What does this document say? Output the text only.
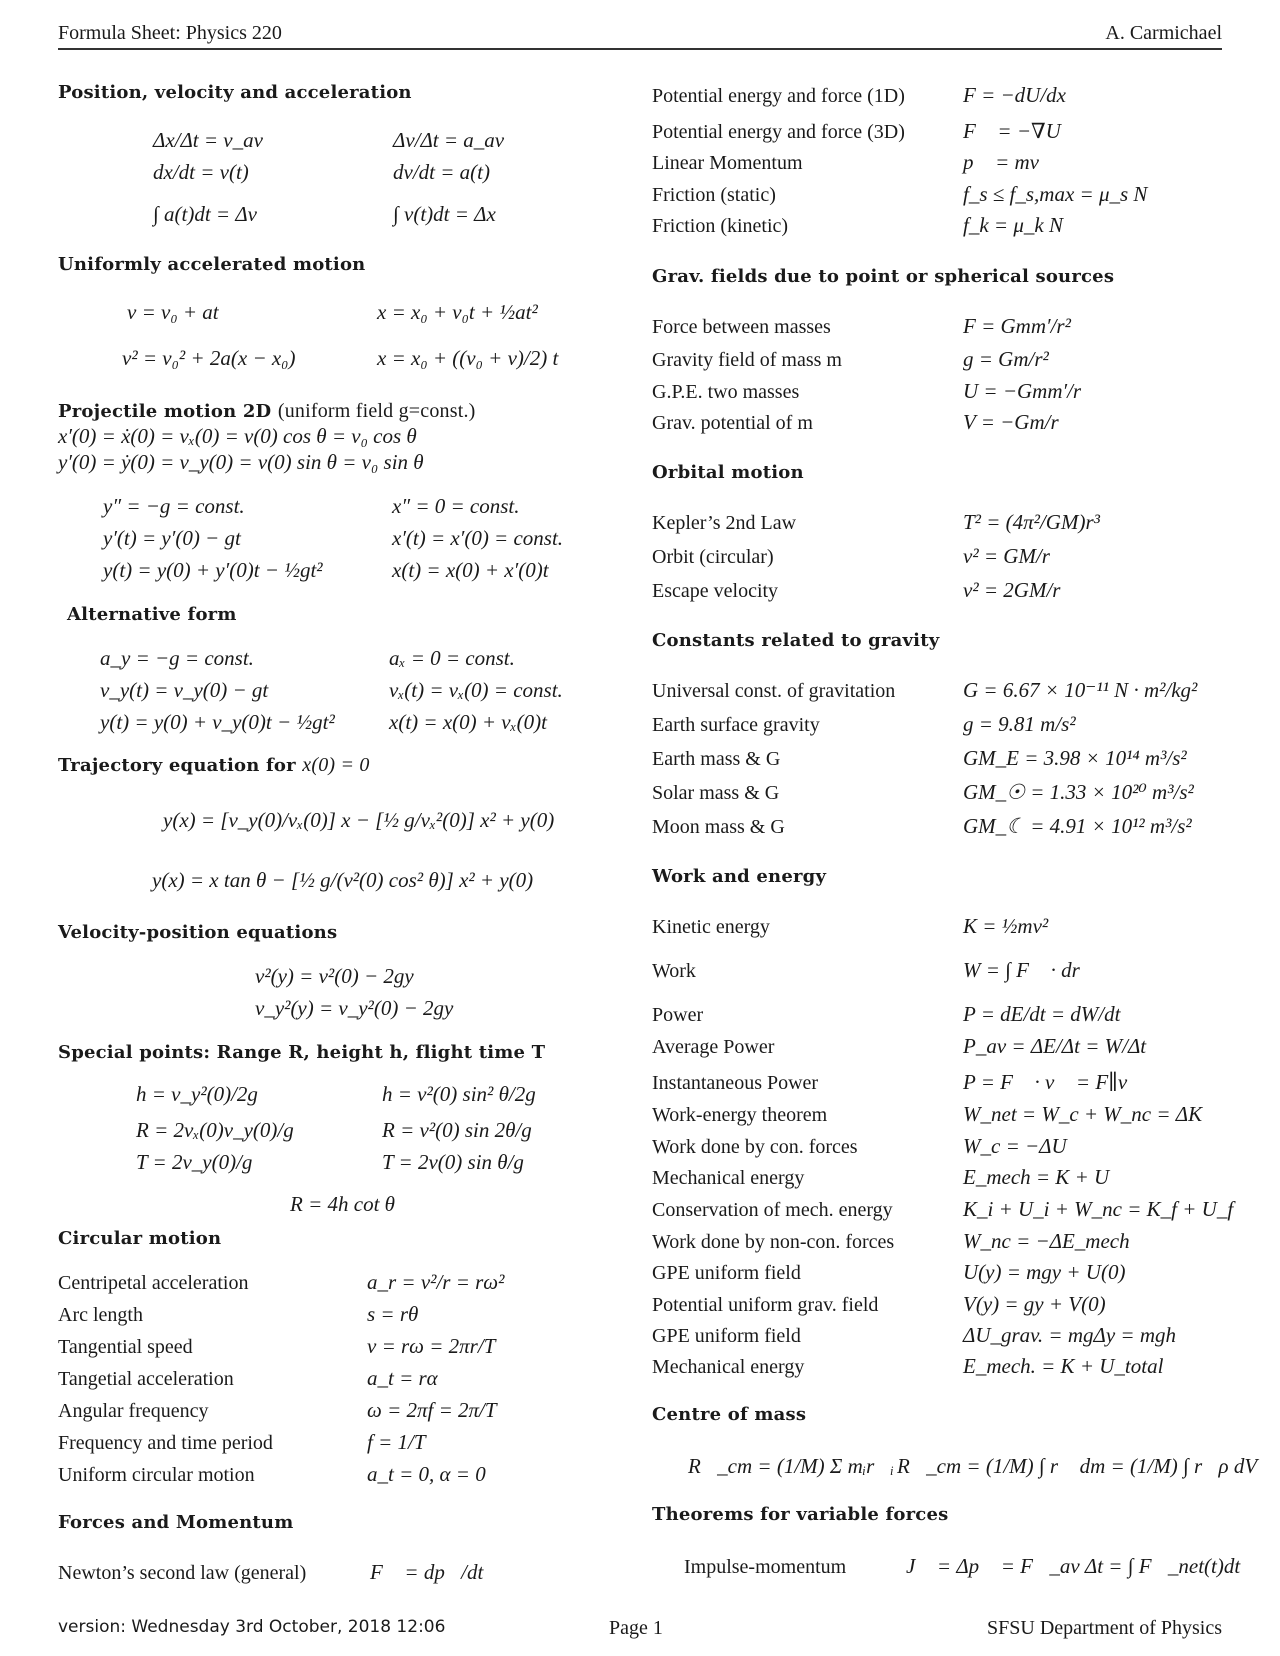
Formula Sheet: Physics 220	A. Carmichael
Position, velocity and acceleration
Δx/Δt = v_av	Δv/Δt = a_av
dx/dt = v(t)	dv/dt = a(t)
∫ a(t)dt = Δv	∫ v(t)dt = Δx
Uniformly accelerated motion
v = v₀ + at	x = x₀ + v₀t + ½at²
v² = v₀² + 2a(x − x₀)	x = x₀ + ((v₀ + v)/2) t
Projectile motion 2D (uniform field g=const.)
x′(0) = ẋ(0) = vₓ(0) = v(0) cos θ = v₀ cos θ
y′(0) = ẏ(0) = v_y(0) = v(0) sin θ = v₀ sin θ
y″ = −g = const.	x″ = 0 = const.
y′(t) = y′(0) − gt	x′(t) = x′(0) = const.
y(t) = y(0) + y′(0)t − ½gt²	x(t) = x(0) + x′(0)t
Alternative form
a_y = −g = const.	aₓ = 0 = const.
v_y(t) = v_y(0) − gt	vₓ(t) = vₓ(0) = const.
y(t) = y(0) + v_y(0)t − ½gt²	x(t) = x(0) + vₓ(0)t
Trajectory equation for x(0) = 0
y(x) = [v_y(0)/vₓ(0)] x − [½ g/vₓ²(0)] x² + y(0)
y(x) = x tan θ − [½ g/(v²(0) cos² θ)] x² + y(0)
Velocity-position equations
v²(y) = v²(0) − 2gy
v_y²(y) = v_y²(0) − 2gy
Special points: Range R, height h, flight time T
h = v_y²(0)/2g	h = v²(0) sin² θ/2g
R = 2vₓ(0)v_y(0)/g	R = v²(0) sin 2θ/g
T = 2v_y(0)/g	T = 2v(0) sin θ/g
R = 4h cot θ
Circular motion
Centripetal acceleration	a_r = v²/r = rω²
Arc length	s = rθ
Tangential speed	v = rω = 2πr/T
Tangetial acceleration	a_t = rα
Angular frequency	ω = 2πf = 2π/T
Frequency and time period	f = 1/T
Uniform circular motion	a_t = 0, α = 0
Forces and Momentum
Newton’s second law (general)	F⃗ = dp⃗/dt
Potential energy and force (1D)	F = −dU/dx
Potential energy and force (3D)	F⃗ = −∇U
Linear Momentum	p⃗ = mv⃗
Friction (static)	f_s ≤ f_s,max = μ_s N
Friction (kinetic)	f_k = μ_k N
Grav. fields due to point or spherical sources
Force between masses	F = Gmm′/r²
Gravity field of mass m	g = Gm/r²
G.P.E. two masses	U = −Gmm′/r
Grav. potential of m	V = −Gm/r
Orbital motion
Kepler’s 2nd Law	T² = (4π²/GM)r³
Orbit (circular)	v² = GM/r
Escape velocity	v² = 2GM/r
Constants related to gravity
Universal const. of gravitation	G = 6.67 × 10⁻¹¹ N · m²/kg²
Earth surface gravity	g = 9.81 m/s²
Earth mass & G	GM_E = 3.98 × 10¹⁴ m³/s²
Solar mass & G	GM_☉ = 1.33 × 10²⁰ m³/s²
Moon mass & G	GM_☾ = 4.91 × 10¹² m³/s²
Work and energy
Kinetic energy	K = ½mv²
Work	W = ∫ F⃗ · dr⃗
Power	P = dE/dt = dW/dt
Average Power	P_av = ΔE/Δt = W/Δt
Instantaneous Power	P = F⃗ · v⃗ = F∥v
Work-energy theorem	W_net = W_c + W_nc = ΔK
Work done by con. forces	W_c = −ΔU
Mechanical energy	E_mech = K + U
Conservation of mech. energy	K_i + U_i + W_nc = K_f + U_f
Work done by non-con. forces	W_nc = −ΔE_mech
GPE uniform field	U(y) = mgy + U(0)
Potential uniform grav. field	V(y) = gy + V(0)
GPE uniform field	ΔU_grav. = mgΔy = mgh
Mechanical energy	E_mech. = K + U_total
Centre of mass
R⃗_cm = (1/M) Σ mᵢr⃗ᵢ R⃗_cm = (1/M) ∫ r⃗ dm = (1/M) ∫ r⃗ρ dV
Theorems for variable forces
Impulse-momentum	J⃗ = Δp⃗ = F⃗_av Δt = ∫ F⃗_net(t)dt
version: Wednesday 3rd October, 2018 12:06	Page 1	SFSU Department of Physics
